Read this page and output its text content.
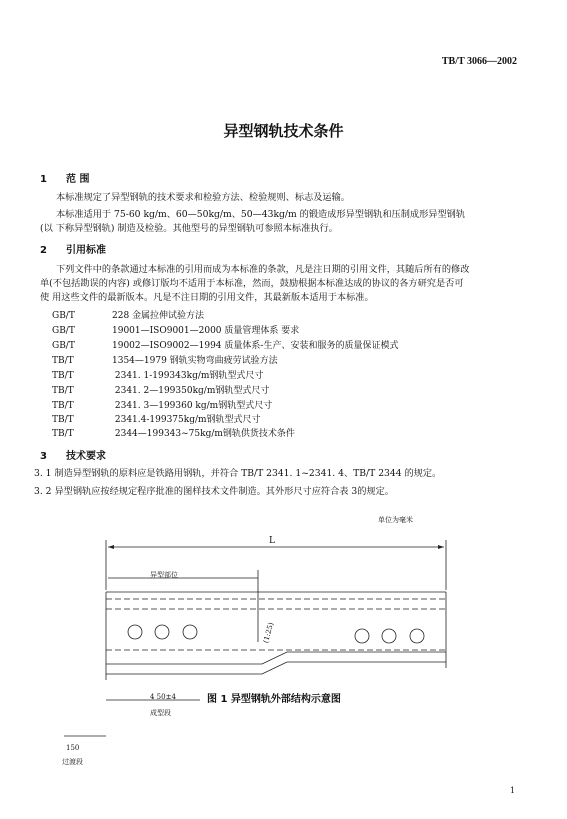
TB/T 3066—2002
异型钢轨技术条件
1 范 围
本标准规定了异型钢轨的技术要求和检验方法、检验规则、标志及运输。
本标准适用于 75-60 kg/m、60—50kg/m、50—43kg/m 的锻造成形异型钢轨和压制成形异型钢轨
(以 下称异型钢轨) 制造及检验。其他型号的异型钢轨可参照本标准执行。
2 引用标准
下列文件中的条款通过本标准的引用而成为本标准的条款，凡是注日期的引用文件，其随后所有的修改
单(不包括勘误的内容) 或修订版均不适用于本标准，然而，鼓励根据本标准达成的协议的各方研究是否可
使 用这些文件的最新版本。凡是不注日期的引用文件，其最新版本适用于本标准。
GB/T	228 金属拉伸试验方法
GB/T	19001—ISO9001—2000 质量管理体系 要求
GB/T	19002—ISO9002—1994 质量体系-生产、安装和服务的质量保证模式
TB/T	1354—1979 钢轨实物弯曲疲劳试验方法
TB/T	2341. 1-199343kg/m钢轨型式尺寸
TB/T	2341. 2—199350kg/m钢轨型式尺寸
TB/T	2341. 3—199360 kg/m钢轨型式尺寸
TB/T	2341.4-199375kg/m钢轨型式尺寸
TB/T	2344—199343~75kg/m钢轨供货技术条件
3 技术要求
3. 1 制造异型钢轨的原料应是铁路用钢轨，并符合 TB/T 2341. 1~2341. 4、TB/T 2344 的规定。
3. 2 异型钢轨应按经规定程序批准的图样技术文件制造。其外形尺寸应符合表 3的规定。
单位为毫米
L
异型部位
(1:25)
4 50±4	图 1 异型钢轨外部结构示意图
成型段
150
过渡段
1
